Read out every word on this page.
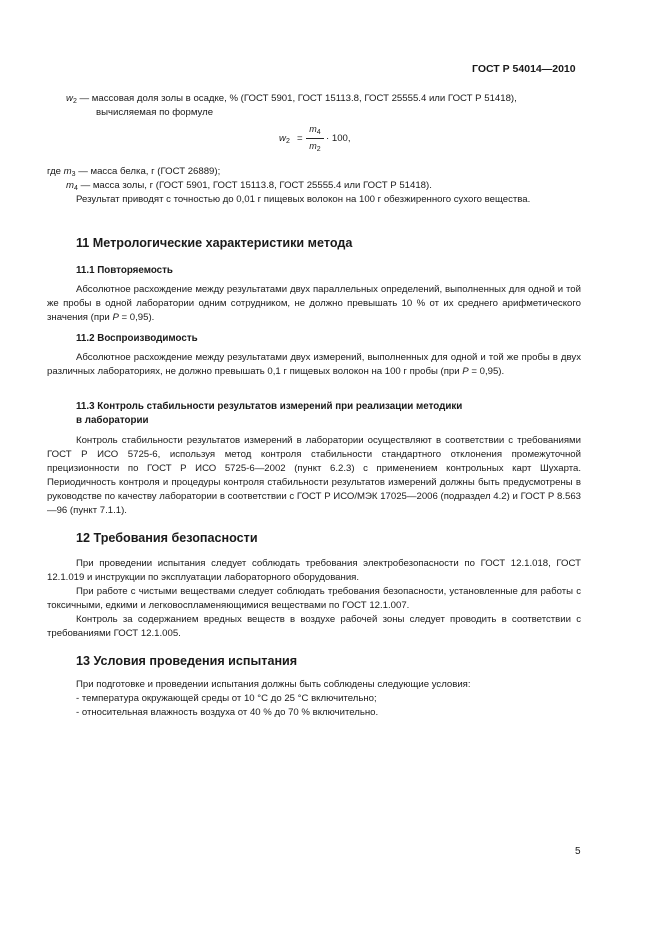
ГОСТ Р 54014—2010
$w_2$ — массовая доля золы в осадке, % (ГОСТ 5901, ГОСТ 15113.8, ГОСТ 25555.4 или ГОСТ Р 51418),
вычисляемая по формуле
$w_2$ =
$m_4$
$m_2$
· 100,
где $m_3$ — масса белка, г (ГОСТ 26889);
$m_4$ — масса золы, г (ГОСТ 5901, ГОСТ 15113.8, ГОСТ 25555.4 или ГОСТ Р 51418).
Результат приводят с точностью до 0,01 г пищевых волокон на 100 г обезжиренного сухого вещества.
11 Метрологические характеристики метода
11.1 Повторяемость
Абсолютное расхождение между результатами двух параллельных определений, выполненных для одной и той же пробы в одной лаборатории одним сотрудником, не должно превышать 10 % от их среднего арифметического значения (при P = 0,95).
11.2 Воспроизводимость
Абсолютное расхождение между результатами двух измерений, выполненных для одной и той же пробы в двух различных лабораториях, не должно превышать 0,1 г пищевых волокон на 100 г пробы (при P = 0,95).
11.3 Контроль стабильности результатов измерений при реализации методики
в лаборатории
Контроль стабильности результатов измерений в лаборатории осуществляют в соответствии с требованиями ГОСТ Р ИСО 5725-6, используя метод контроля стабильности стандартного отклонения промежуточной прецизионности по ГОСТ Р ИСО 5725-6—2002 (пункт 6.2.3) с применением контрольных карт Шухарта. Периодичность контроля и процедуры контроля стабильности результатов измерений должны быть предусмотрены в руководстве по качеству лаборатории в соответствии с ГОСТ Р ИСО/МЭК 17025—2006 (подраздел 4.2) и ГОСТ Р 8.563—96 (пункт 7.1.1).
12 Требования безопасности
При проведении испытания следует соблюдать требования электробезопасности по ГОСТ 12.1.018, ГОСТ 12.1.019 и инструкции по эксплуатации лабораторного оборудования.
При работе с чистыми веществами следует соблюдать требования безопасности, установленные для работы с токсичными, едкими и легковоспламеняющимися веществами по ГОСТ 12.1.007.
Контроль за содержанием вредных веществ в воздухе рабочей зоны следует проводить в соответствии с требованиями ГОСТ 12.1.005.
13 Условия проведения испытания
При подготовке и проведении испытания должны быть соблюдены следующие условия:
- температура окружающей среды от 10 °С до 25 °С включительно;
- относительная влажность воздуха от 40 % до 70 % включительно.
5
